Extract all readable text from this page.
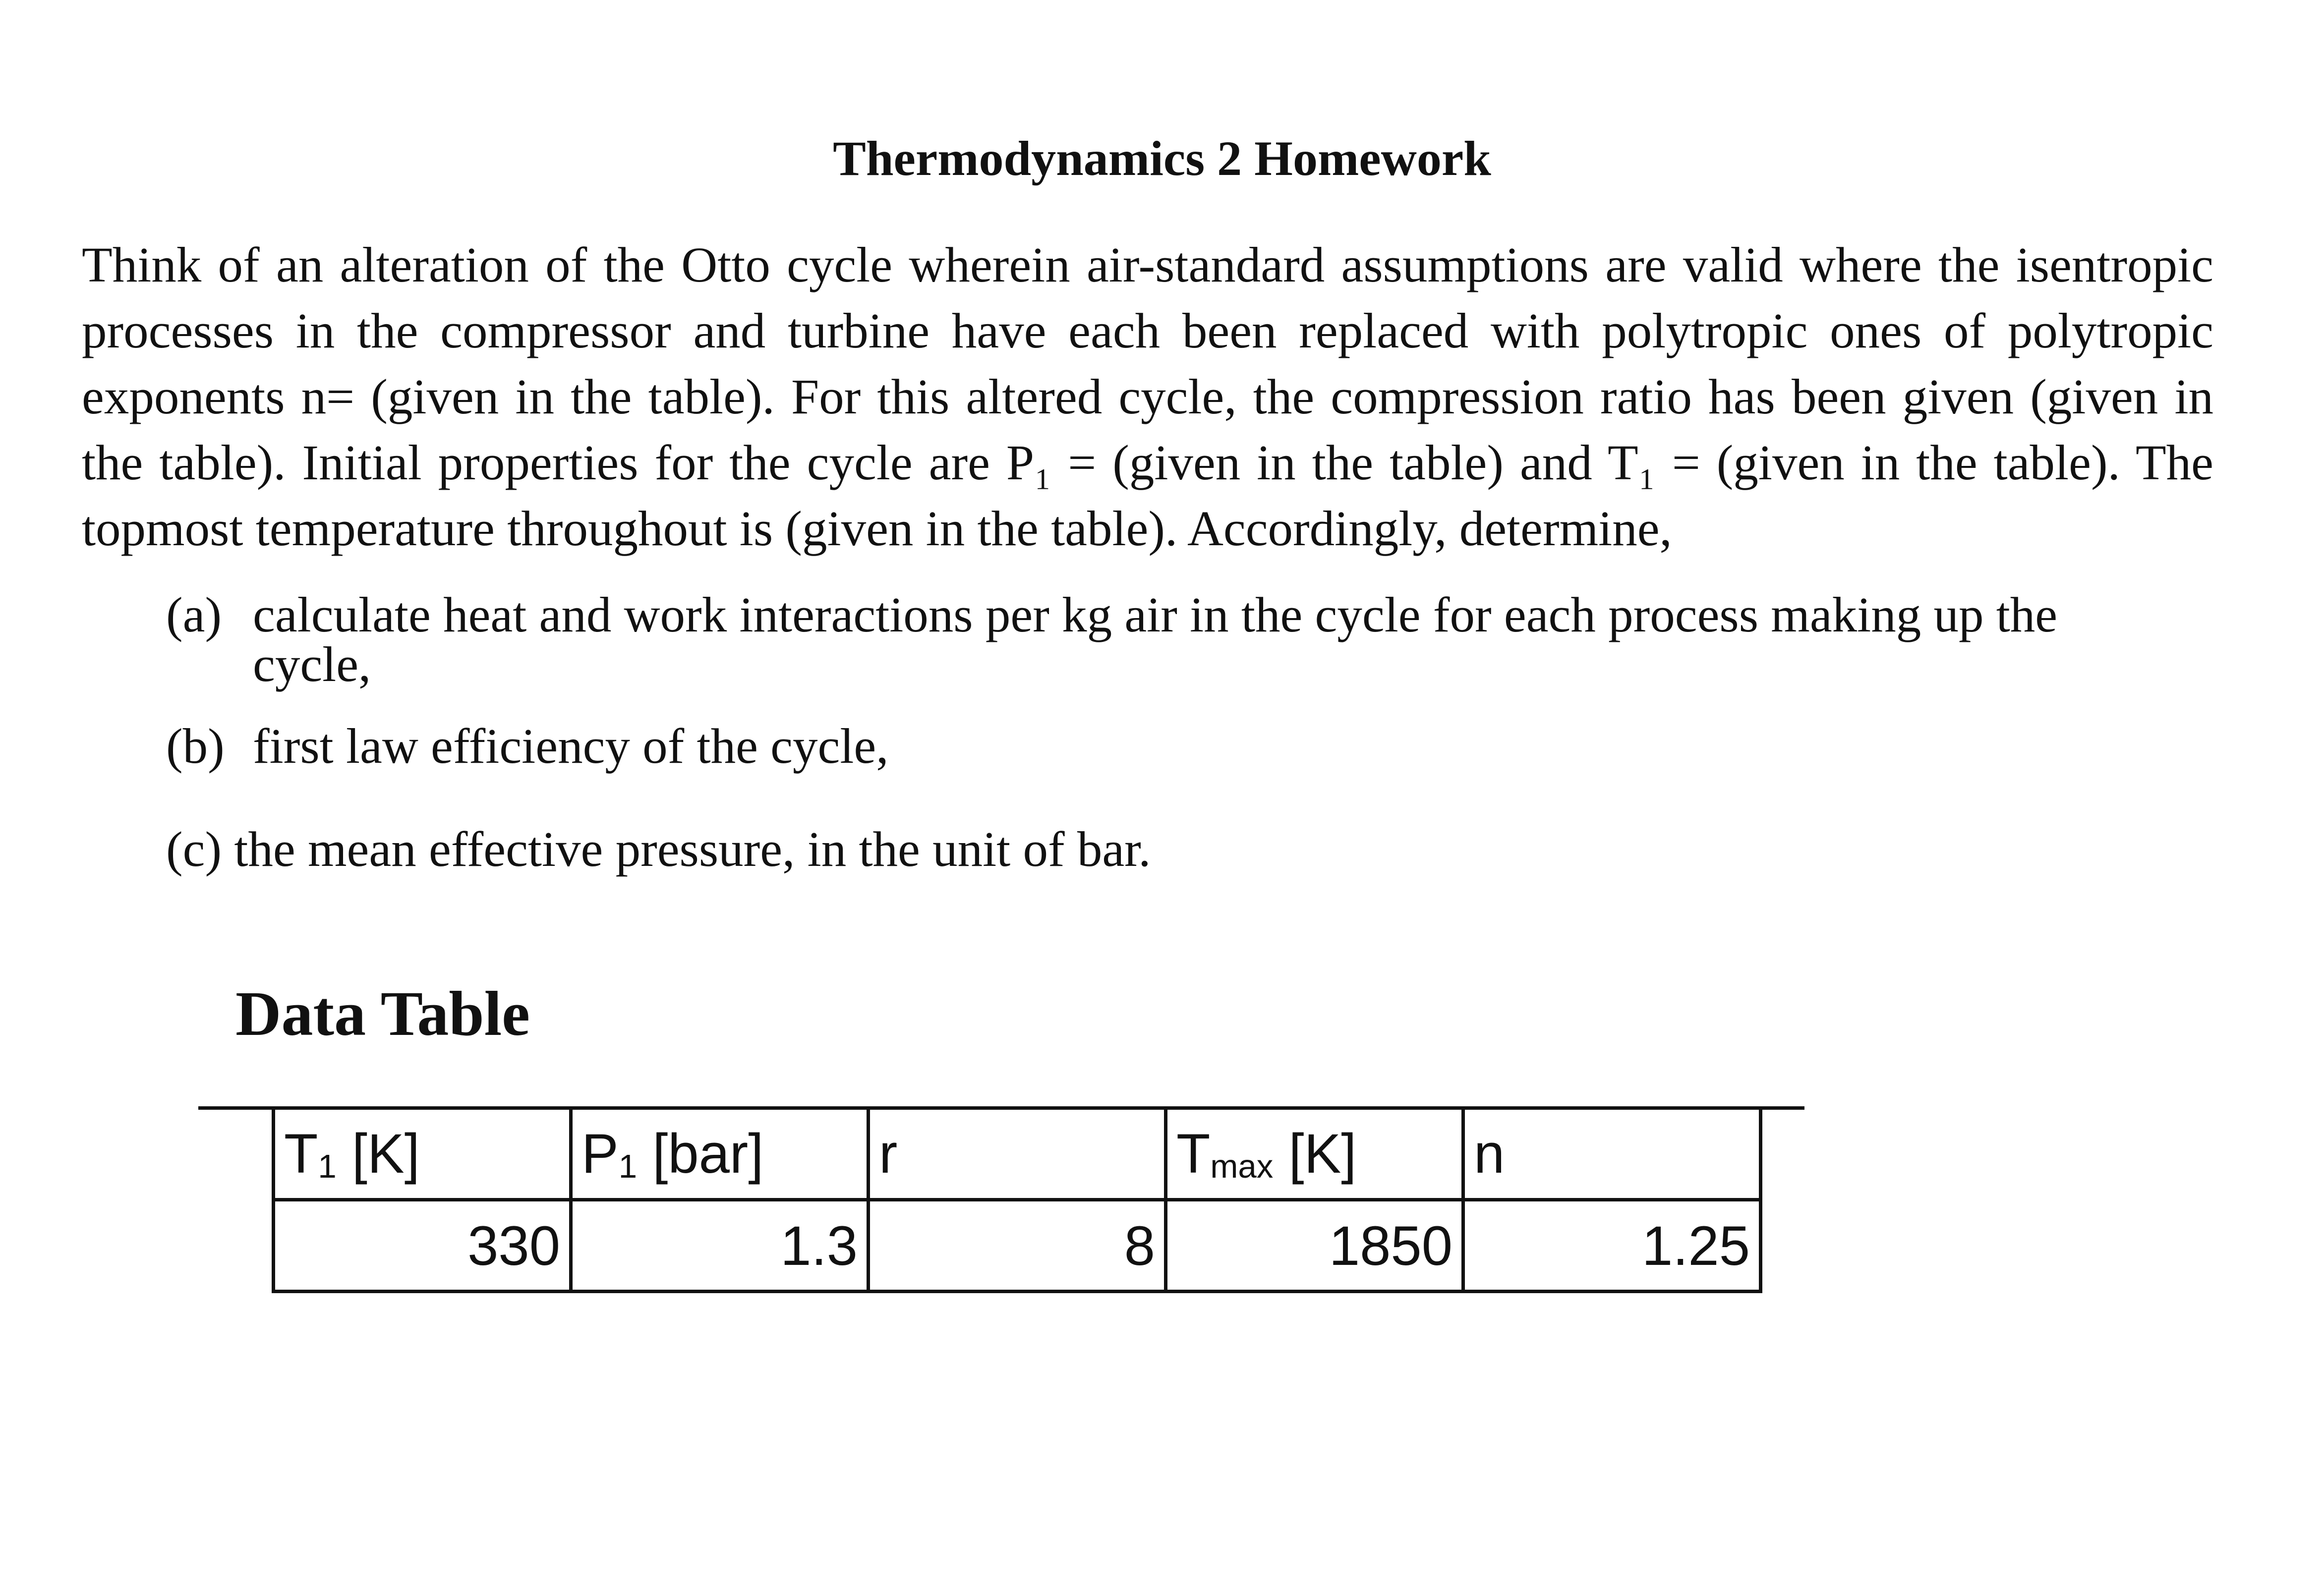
Thermodynamics 2 Homework

Think of an alteration of the Otto cycle wherein air-standard assumptions are valid where the isentropic processes in the compressor and turbine have each been replaced with polytropic ones of polytropic exponents n= (given in the table). For this altered cycle, the compression ratio has been given (given in the table). Initial properties for the cycle are P₁ = (given in the table) and T₁ = (given in the table). The topmost temperature throughout is (given in the table). Accordingly, determine,

(a) calculate heat and work interactions per kg air in the cycle for each process making up the cycle,
(b) first law efficiency of the cycle,
(c) the mean effective pressure, in the unit of bar.
Data Table
T1 [K]	P1 [bar]	r	Tmax [K]	n
330	1.3	8	1850	1.25
